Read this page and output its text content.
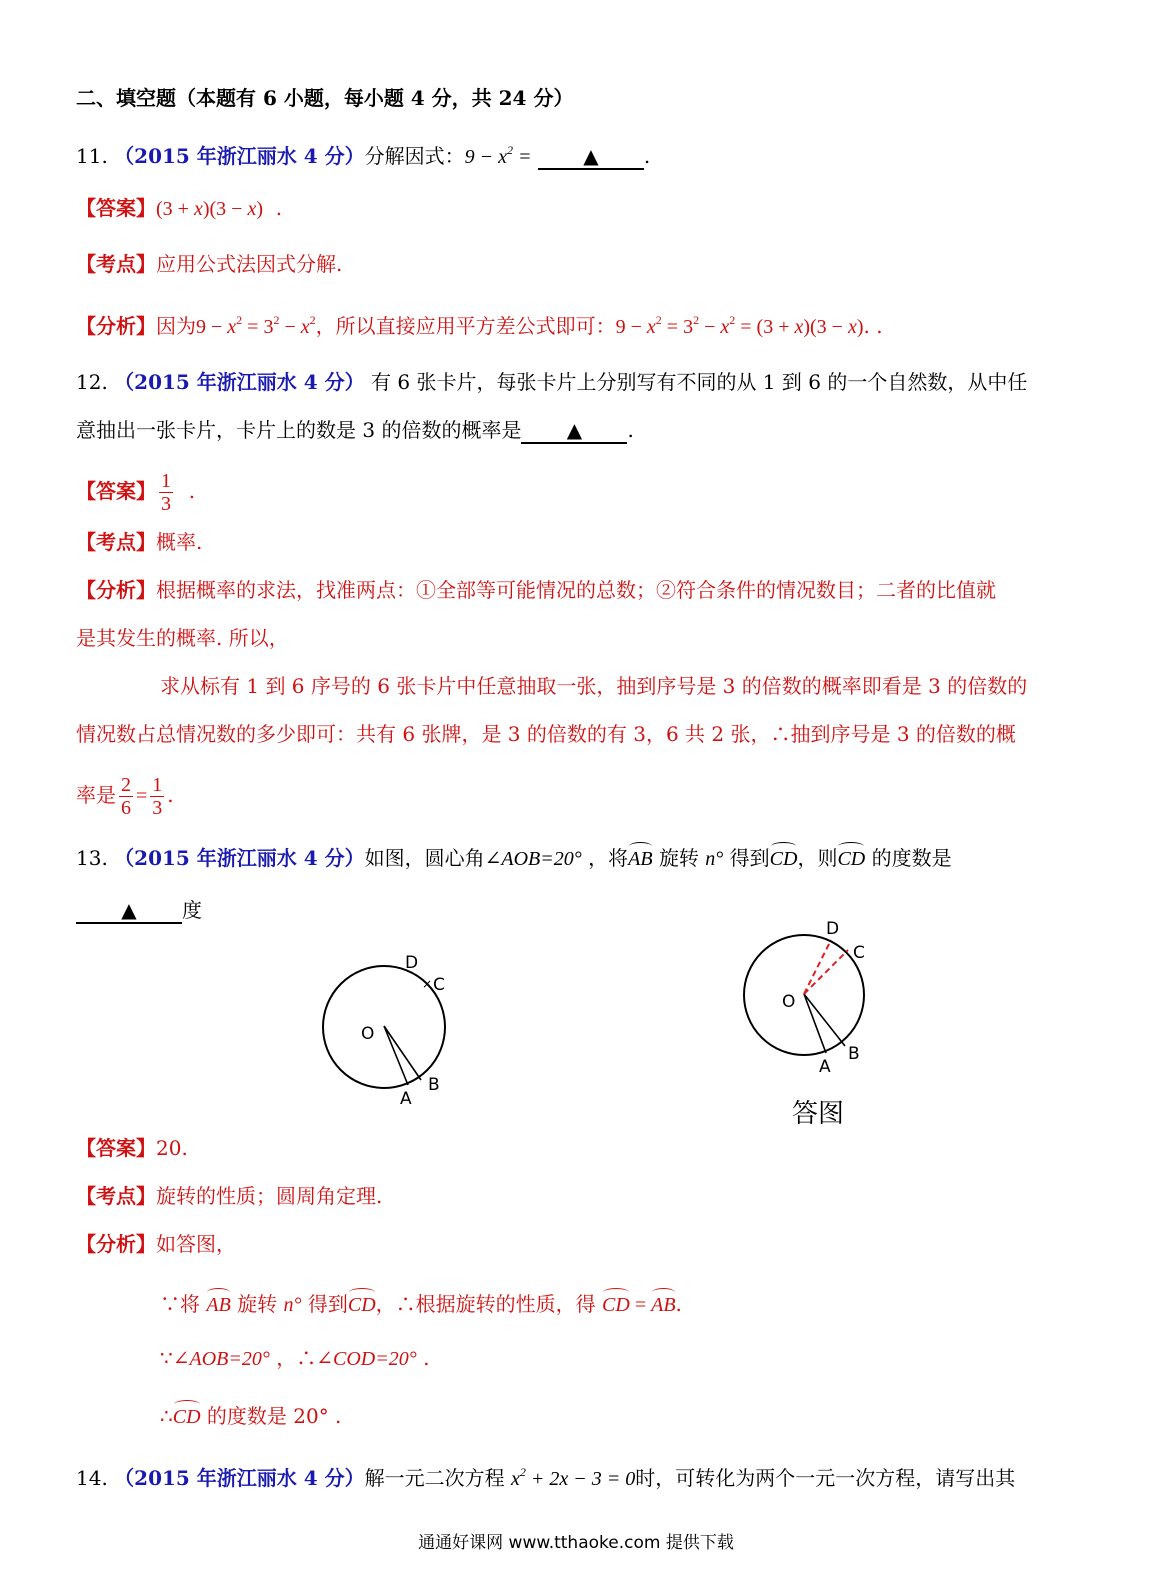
二、填空题（本题有 6 小题，每小题 4 分，共 24 分）
11. （2015 年浙江丽水 4 分）分解因式：$9 - x^2$ =	▲ .
【答案】(3 + x)(3 − x)  .
【考点】应用公式法因式分解.
【分析】因为$9 - x^2 = 3^2 - x^2$，所以直接应用平方差公式即可：$9 - x^2 = 3^2 - x^2 = (3 + x)(3 - x)$. .
12. （2015 年浙江丽水 4 分） 有 6 张卡片，每张卡片上分别写有不同的从 1 到 6 的一个自然数，从中任
意抽出一张卡片，卡片上的数是 3 的倍数的概率是 ▲ .
【答案】 $\frac{1}{3}$ .
【考点】概率.
【分析】根据概率的求法，找准两点：①全部等可能情况的总数；②符合条件的情况数目；二者的比值就
是其发生的概率. 所以，
求从标有 1 到 6 序号的 6 张卡片中任意抽取一张，抽到序号是 3 的倍数的概率即看是 3 的倍数的
情况数占总情况数的多少即可：共有 6 张牌，是 3 的倍数的有 3，6 共 2 张，∴抽到序号是 3 的倍数的概
率是 $\frac{2}{6} = \frac{1}{3}$ .
13. （2015 年浙江丽水 4 分）如图，圆心角∠AOB=20° ，将AB 旋转 n° 得到CD，则CD 的度数是
▲ 度
O
A
B
C
D
×
O
A
B
C
D
答图
【答案】20.
【考点】旋转的性质；圆周角定理.
【分析】如答图，
∵将 AB 旋转 n° 得到CD，∴根据旋转的性质，得 CD = AB.
∵∠AOB=20° ，∴∠COD=20° .
∴CD 的度数是 20° .
14. （2015 年浙江丽水 4 分）解一元二次方程 $x^2 + 2x - 3 = 0$时，可转化为两个一元一次方程，请写出其
通通好课网 www.tthaoke.com 提供下载
